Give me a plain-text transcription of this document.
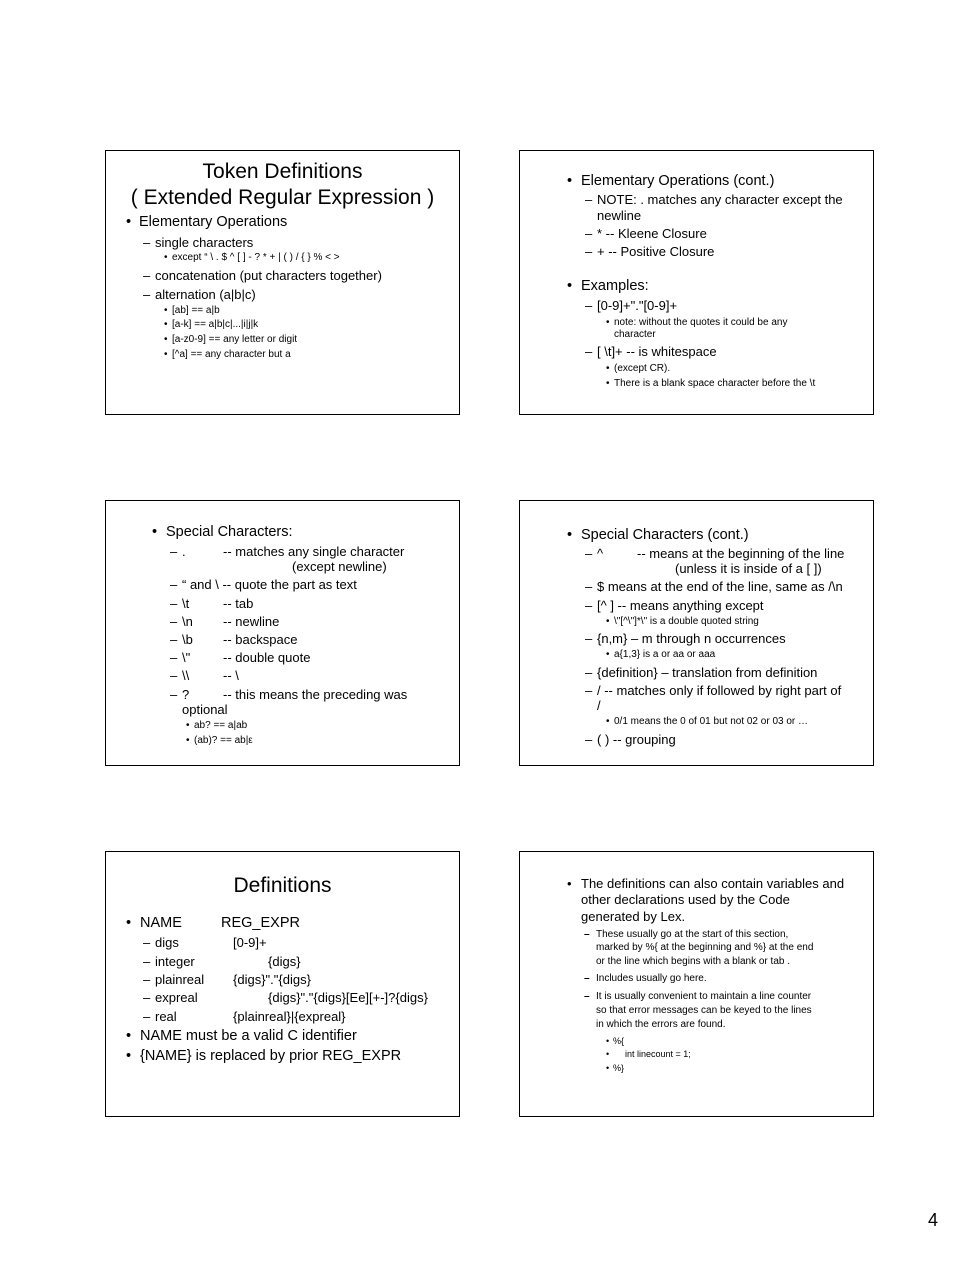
Token Definitions
( Extended Regular Expression )
• Elementary Operations
– single characters
• except “ \ . $ ^ [ ] - ? * + | ( ) / { } % < >
– concatenation (put characters together)
– alternation (a|b|c)
• [ab] == a|b
• [a-k] == a|b|c|...|i|j|k
• [a-z0-9] == any letter or digit
• [^a] == any character but a
• Elementary Operations (cont.)
– NOTE: . matches any character except the
newline
– * -- Kleene Closure
– + -- Positive Closure
• Examples:
– [0-9]+"."[0-9]+
• note: without the quotes it could be any
character
– [ \t]+ -- is whitespace
• (except CR).
• There is a blank space character before the \t
• Special Characters:
– .	-- matches any single character
(except newline)
– “ and \ -- quote the part as text
– \t	-- tab
– \n -- newline
– \b -- backspace
– \"	-- double quote
– \\	-- \
– ?	-- this means the preceding was
optional
• ab? == a|ab
• (ab)? == ab|ε
• Special Characters (cont.)
– ^	-- means at the beginning of the line
(unless it is inside of a [ ])
– $ means at the end of the line, same as /\n
– [^ ] -- means anything except
• \"[^\"]*\" is a double quoted string
– {n,m} – m through n occurrences
• a{1,3} is a or aa or aaa
– {definition} – translation from definition
– / -- matches only if followed by right part of
/
• 0/1 means the 0 of 01 but not 02 or 03 or …
– ( ) -- grouping
Definitions
• NAME	REG_EXPR
– digs	[0-9]+
– integer	{digs}
– plainreal {digs}"."{digs}
– expreal	{digs}"."{digs}[Ee][+-]?{digs}
– real	{plainreal}|{expreal}
• NAME must be a valid C identifier
• {NAME} is replaced by prior REG_EXPR
• The definitions can also contain variables and
other declarations used by the Code
generated by Lex.
– These usually go at the start of this section,
marked by %{ at the beginning and %} at the end
or the line which begins with a blank or tab .
– Includes usually go here.
– It is usually convenient to maintain a line counter
so that error messages can be keyed to the lines
in which the errors are found.
• %{
• int linecount = 1;
• %}
4
